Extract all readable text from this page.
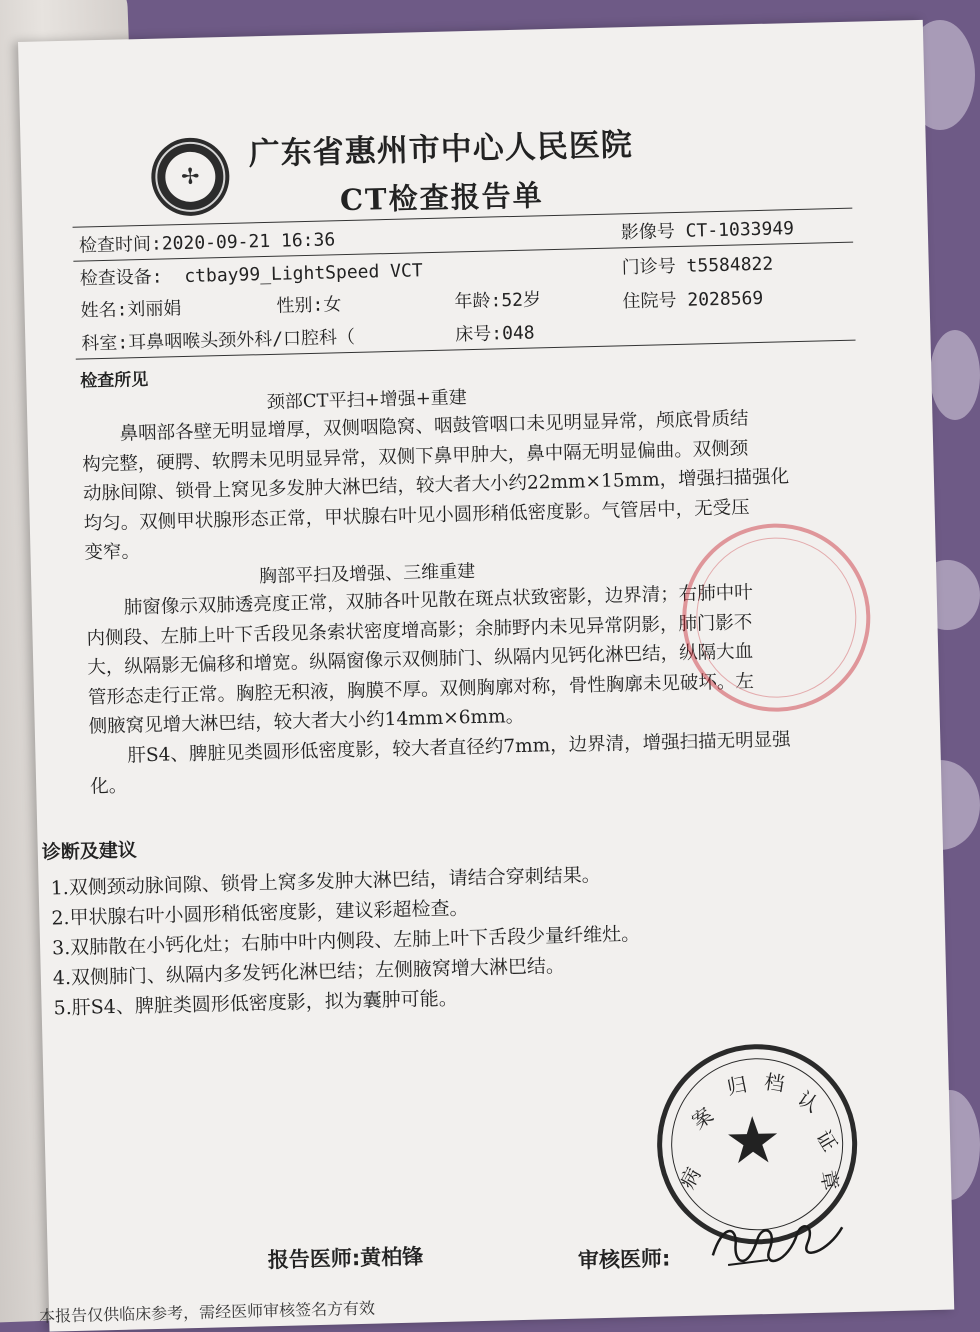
✢
广东省惠州市中心人民医院
CT检查报告单
检查时间:2020-09-21 16:36	影像号 CT-1033949
检查设备: ctbay99_LightSpeed VCT	门诊号 t5584822
姓名:刘丽娟	性别:女	年龄:52岁	住院号 2028569
科室:耳鼻咽喉头颈外科/口腔科（	床号:048
检查所见
颈部CT平扫+增强+重建
鼻咽部各壁无明显增厚，双侧咽隐窝、咽鼓管咽口未见明显异常，颅底骨质结
构完整，硬腭、软腭未见明显异常，双侧下鼻甲肿大，鼻中隔无明显偏曲。双侧颈
动脉间隙、锁骨上窝见多发肿大淋巴结，较大者大小约22mm×15mm，增强扫描强化
均匀。双侧甲状腺形态正常，甲状腺右叶见小圆形稍低密度影。气管居中，无受压
变窄。
胸部平扫及增强、三维重建
肺窗像示双肺透亮度正常，双肺各叶见散在斑点状致密影，边界清；右肺中叶
内侧段、左肺上叶下舌段见条索状密度增高影；余肺野内未见异常阴影，肺门影不
大，纵隔影无偏移和增宽。纵隔窗像示双侧肺门、纵隔内见钙化淋巴结，纵隔大血
管形态走行正常。胸腔无积液，胸膜不厚。双侧胸廓对称，骨性胸廓未见破坏。左
侧腋窝见增大淋巴结，较大者大小约14mm×6mm。
肝S4、脾脏见类圆形低密度影，较大者直径约7mm，边界清，增强扫描无明显强
化。
诊断及建议
1.双侧颈动脉间隙、锁骨上窝多发肿大淋巴结，请结合穿刺结果。
2.甲状腺右叶小圆形稍低密度影，建议彩超检查。
3.双肺散在小钙化灶；右肺中叶内侧段、左肺上叶下舌段少量纤维灶。
4.双侧肺门、纵隔内多发钙化淋巴结；左侧腋窝增大淋巴结。
5.肝S4、脾脏类圆形低密度影，拟为囊肿可能。
★
病
案
归 档
认
证
章
报告医师:黄柏锋	审核医师:
本报告仅供临床参考，需经医师审核签名方有效
